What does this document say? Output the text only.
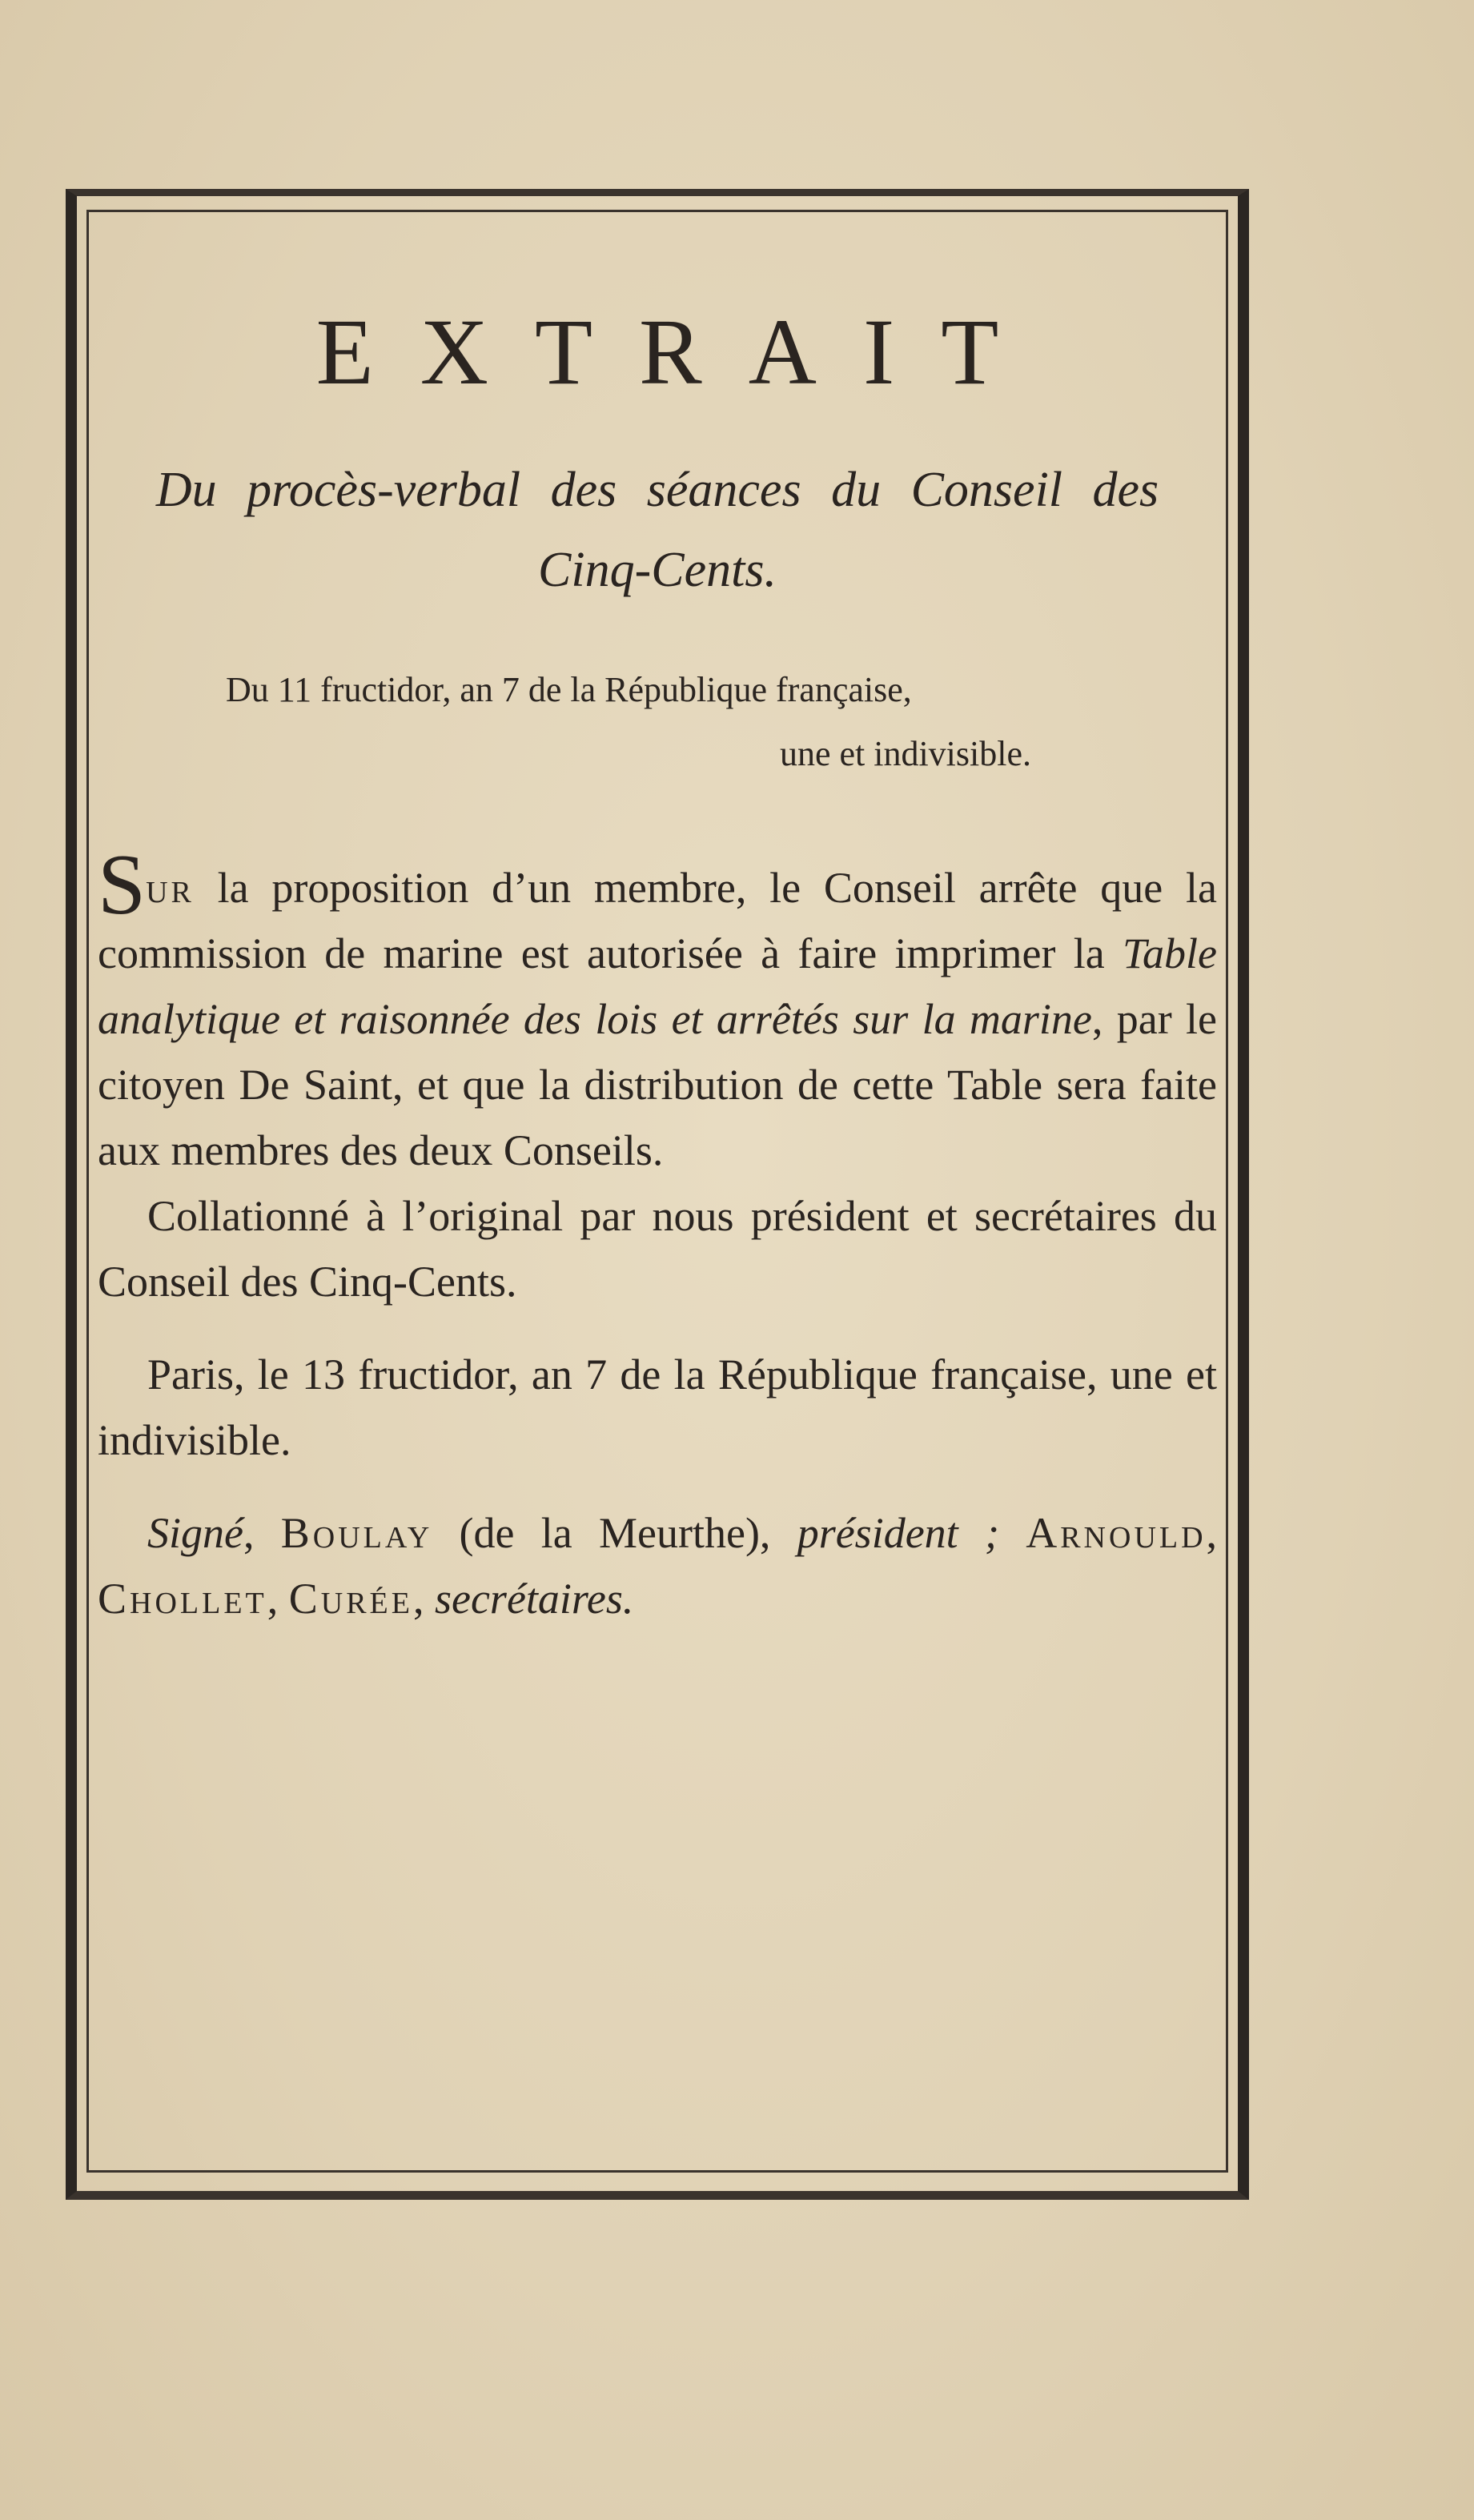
EXTRAIT
Du procès-verbal des séances du Conseil des Cinq-Cents.
Du 11 fructidor, an 7 de la République française,
une et indivisible.

Sur la proposition d’un membre, le Conseil arrête que la commission de marine est autorisée à faire imprimer la Table analytique et raisonnée des lois et arrêtés sur la marine, par le citoyen De Saint, et que la distribution de cette Table sera faite aux membres des deux Conseils.

Collationné à l’original par nous président et secrétaires du Conseil des Cinq-Cents.

Paris, le 13 fructidor, an 7 de la République française, une et indivisible.

Signé, Boulay (de la Meurthe), président ; Arnould, Chollet, Curée, secrétaires.
